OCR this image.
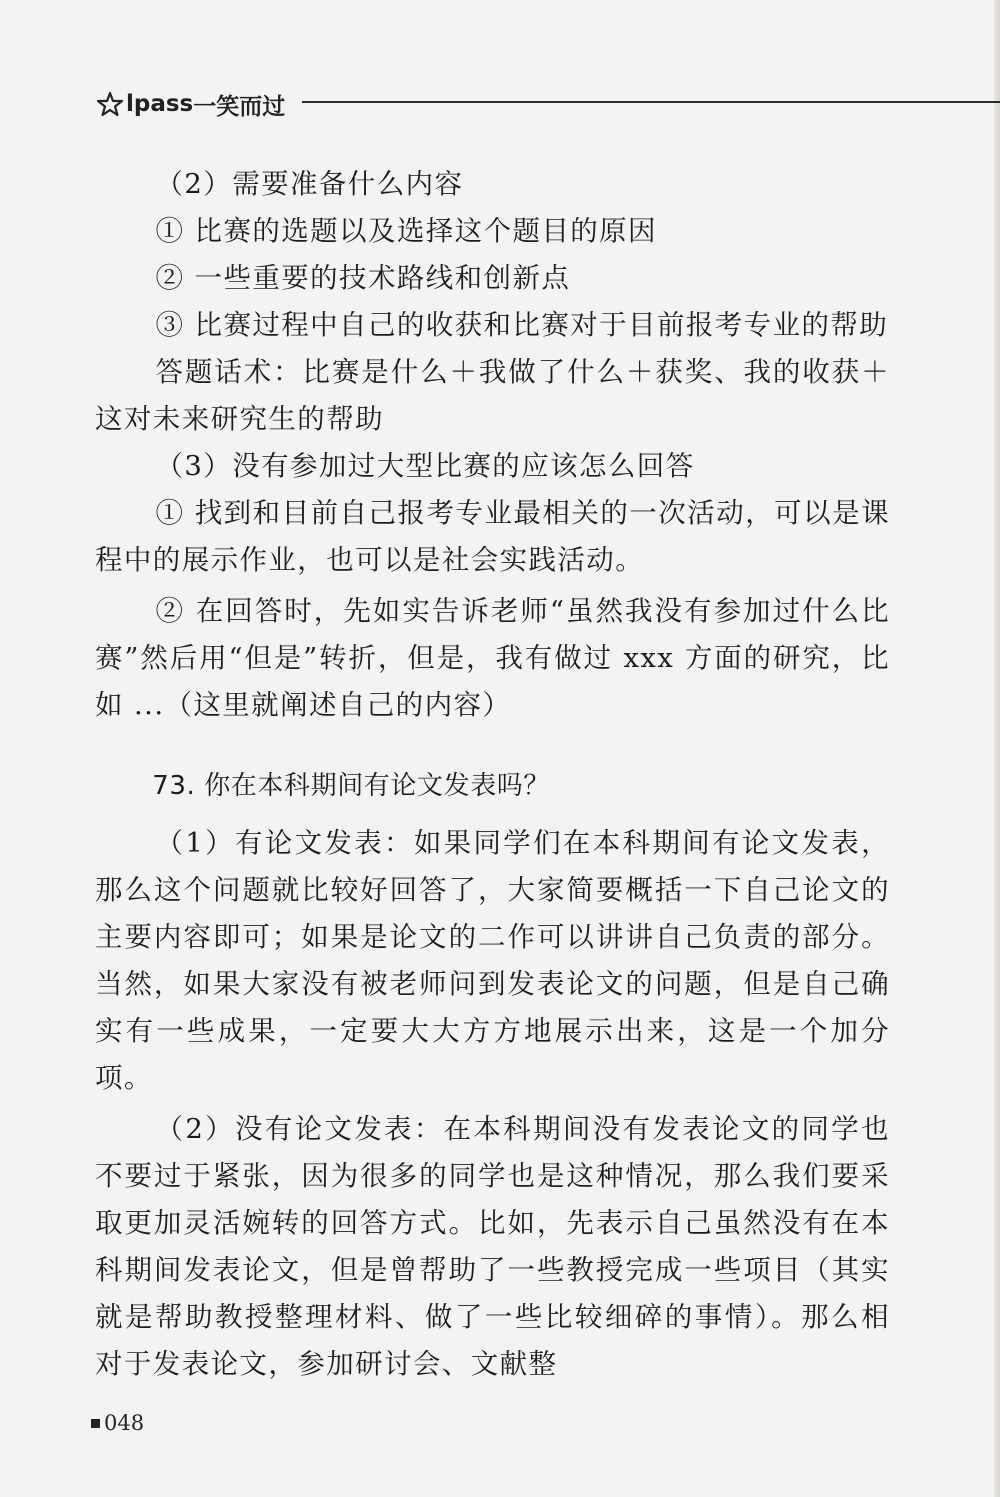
lpass 一笑而过

（2）需要准备什么内容

① 比赛的选题以及选择这个题目的原因

② 一些重要的技术路线和创新点

③ 比赛过程中自己的收获和比赛对于目前报考专业的帮助

答题话术：比赛是什么＋我做了什么＋获奖、我的收获＋这对未来研究生的帮助

（3）没有参加过大型比赛的应该怎么回答

① 找到和目前自己报考专业最相关的一次活动，可以是课程中的展示作业，也可以是社会实践活动。

② 在回答时，先如实告诉老师“虽然我没有参加过什么比赛”然后用“但是”转折，但是，我有做过 xxx 方面的研究，比如 ...（这里就阐述自己的内容）

73. 你在本科期间有论文发表吗？

（1）有论文发表：如果同学们在本科期间有论文发表，那么这个问题就比较好回答了，大家简要概括一下自己论文的主要内容即可；如果是论文的二作可以讲讲自己负责的部分。当然，如果大家没有被老师问到发表论文的问题，但是自己确实有一些成果，一定要大大方方地展示出来，这是一个加分项。

（2）没有论文发表：在本科期间没有发表论文的同学也不要过于紧张，因为很多的同学也是这种情况，那么我们要采取更加灵活婉转的回答方式。比如，先表示自己虽然没有在本科期间发表论文，但是曾帮助了一些教授完成一些项目（其实就是帮助教授整理材料、做了一些比较细碎的事情）。那么相对于发表论文，参加研讨会、文献整

048
